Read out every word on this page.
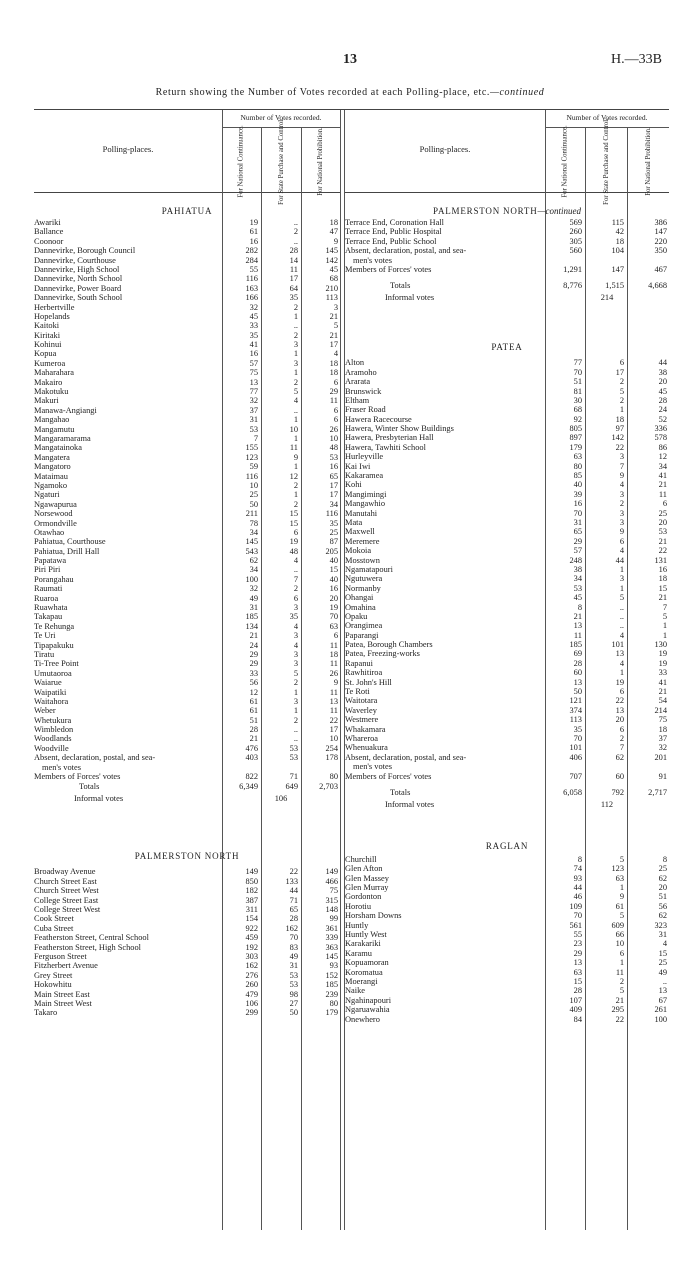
13	H.—33B
Return showing the Number of Votes recorded at each Polling-place, etc.—continued
Polling-places.
Number of Votes recorded.
For National Continuance.	For State Purchase and Control.	For National Prohibition.	Polling-places.
Number of Votes recorded.
For National Continuance.	For State Purchase and Control.	For National Prohibition.
PAHIATUA
Awariki	19	..	18
Ballance	61	2	47
Coonoor	16	..	9
Dannevirke, Borough Council	282	28	145
Dannevirke, Courthouse	284	14	142
Dannevirke, High School	55	11	45
Dannevirke, North School	116	17	68
Dannevirke, Power Board	163	64	210
Dannevirke, South School	166	35	113
Herbertville	32	2	3
Hopelands	45	1	21
Kaitoki	33	..	5
Kiritaki	35	2	21
Kohinui	41	3	17
Kopua	16	1	4
Kumeroa	57	3	18
Maharahara	75	1	18
Makairo	13	2	6
Makotuku	77	5	29
Makuri	32	4	11
Manawa-Angiangi	37	..	6
Mangahao	31	1	6
Mangamutu	53	10	26
Mangaramarama	7	1	10
Mangatainoka	155	11	48
Mangatera	123	9	53
Mangatoro	59	1	16
Mataimau	116	12	65
Ngamoko	10	2	17
Ngaturi	25	1	17
Ngawapurua	50	2	34
Norsewood	211	15	116
Ormondville	78	15	35
Otawhao	34	6	25
Pahiatua, Courthouse	145	19	87
Pahiatua, Drill Hall	543	48	205
Papatawa	62	4	40
Piri Piri	34	..	15
Porangahau	100	7	40
Raumati	32	2	16
Ruaroa	49	6	20
Ruawhata	31	3	19
Takapau	185	35	70
Te Rehunga	134	4	63
Te Uri	21	3	6
Tipapakuku	24	4	11
Tiratu	29	3	18
Ti-Tree Point	29	3	11
Umutaoroa	33	5	26
Waiarue	56	2	9
Waipatiki	12	1	11
Waitahora	61	3	13
Weber	61	1	11
Whetukura	51	2	22
Wimbledon	28	..	17
Woodlands	21	..	10
Woodville	476	53	254
Absent, declaration, postal, and sea-	403	53	178
men's votes
Members of Forces' votes	822	71	80
Totals	6,349	649	2,703
Informal votes	106
PALMERSTON NORTH
Broadway Avenue	149	22	149
Church Street East	850	133	466
Church Street West	182	44	75
College Street East	387	71	315
College Street West	311	65	148
Cook Street	154	28	99
Cuba Street	922	162	361
Featherston Street, Central School	459	70	339
Featherston Street, High School	192	83	363
Ferguson Street	303	49	145
Fitzherbert Avenue	162	31	93
Grey Street	276	53	152
Hokowhitu	260	53	185
Main Street East	479	98	239
Main Street West	106	27	80
Takaro	299	50	179
PALMERSTON NORTH—continued
Terrace End, Coronation Hall	569	115	386
Terrace End, Public Hospital	260	42	147
Terrace End, Public School	305	18	220
Absent, declaration, postal, and sea-	560	104	350
men's votes
Members of Forces' votes	1,291	147	467
Totals	8,776	1,515	4,668
Informal votes	214
PATEA
Alton	77	6	44
Aramoho	70	17	38
Ararata	51	2	20
Brunswick	81	5	45
Eltham	30	2	28
Fraser Road	68	1	24
Hawera Racecourse	92	18	52
Hawera, Winter Show Buildings	805	97	336
Hawera, Presbyterian Hall	897	142	578
Hawera, Tawhiti School	179	22	86
Hurleyville	63	3	12
Kai Iwi	80	7	34
Kakaramea	85	9	41
Kohi	40	4	21
Mangimingi	39	3	11
Mangawhio	16	2	6
Manutahi	70	3	25
Mata	31	3	20
Maxwell	65	9	53
Meremere	29	6	21
Mokoia	57	4	22
Mosstown	248	44	131
Ngamatapouri	38	1	16
Ngutuwera	34	3	18
Normanby	53	1	15
Ohangai	45	5	21
Omahina	8	..	7
Opaku	21	..	5
Orangimea	13	..	1
Paparangi	11	4	1
Patea, Borough Chambers	185	101	130
Patea, Freezing-works	69	13	19
Rapanui	28	4	19
Rawhitiroa	60	1	33
St. John's Hill	13	19	41
Te Roti	50	6	21
Waitotara	121	22	54
Waverley	374	13	214
Westmere	113	20	75
Whakamara	35	6	18
Whareroa	70	2	37
Whenuakura	101	7	32
Absent, declaration, postal, and sea-	406	62	201
men's votes
Members of Forces' votes	707	60	91
Totals	6,058	792	2,717
Informal votes	112
RAGLAN
Churchill	8	5	8
Glen Afton	74	123	25
Glen Massey	93	63	62
Glen Murray	44	1	20
Gordonton	46	9	51
Horotiu	109	61	56
Horsham Downs	70	5	62
Huntly	561	609	323
Huntly West	55	66	31
Karakariki	23	10	4
Karamu	29	6	15
Kopuamoran	13	1	25
Koromatua	63	11	49
Moerangi	15	2	..
Naike	28	5	13
Ngahinapouri	107	21	67
Ngaruawahia	409	295	261
Onewhero	84	22	100
